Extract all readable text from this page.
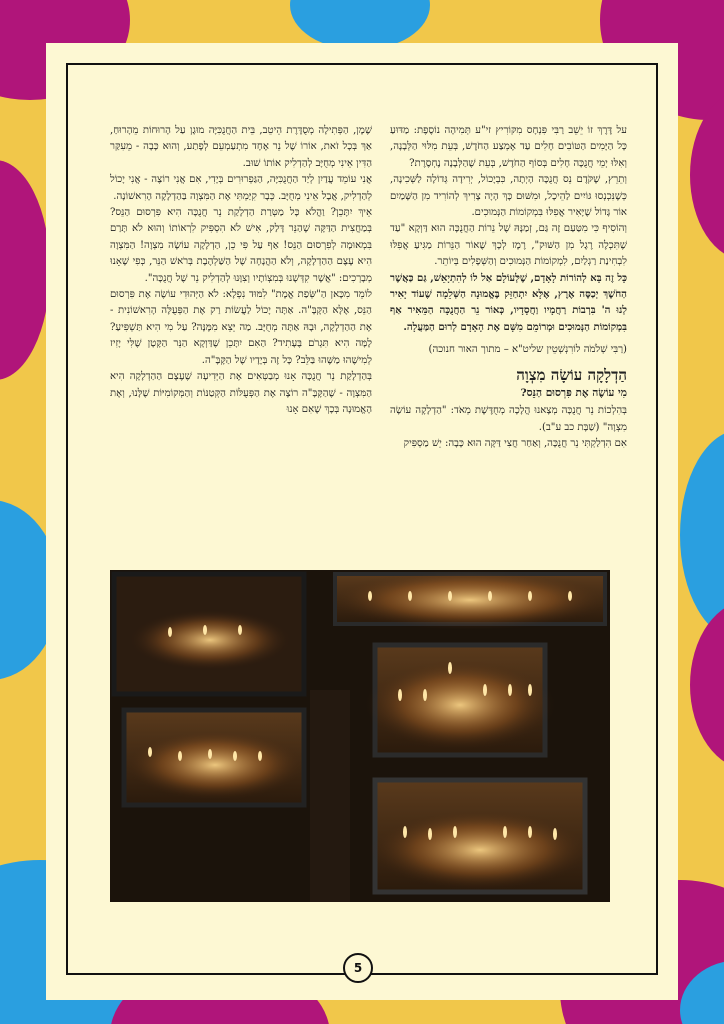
על דֶּרֶךְ זוֹ יֵשֵׁב רַבִּי פִּנְחָס מִקּוֹרִיץ זי"ע תְּמִיהָה נוֹסֶפֶת: מַדּוּעַ כָּל הַיָּמִים הַטּוֹבִים חָלִים עַד אֶמְצַע הַחֹדֶשׁ, בְּעֵת מִלּוּי הַלְּבָנָה, וְאִלּוּ יְמֵי חֲנֻכָּה חָלִים בְּסוֹף הַחֹדֶשׁ, בְּעֵת שֶׁהַלְּבָנָה נֶחְסֶרֶת?

וְתֵרֵץ, שֶׁקֹּדֶם נֵס חֲנֻכָּה הָיְתָה, כִּבְיָכוֹל, יְרִידָה גְּדוֹלָה לַשְּׁכִינָה, כְּשֶׁנִּכְנְסוּ גּוֹיִים לַהֵיכָל, וּמִשּׁוּם כָּךְ הָיָה צָרִיךְ לְהוֹרִיד מִן הַשָּׁמַיִם אוֹר גָּדוֹל שֶׁיָּאִיר אֲפִלּוּ בִּמְקוֹמוֹת הַנְּמוּכִים.

וְהוֹסִיף כִּי מִטַּעַם זֶה גַּם, זְמַנָּהּ שֶׁל נֵרוֹת הַחֲנֻכָּה הוּא דַּוְקָא "עַד שֶׁתִּכְלֶה רֶגֶל מִן הַשּׁוּק", רֶמֶז לְכָךְ שֶׁאוֹר הַנֵּרוֹת מַגִּיעַ אֲפִלּוּ לִבְחִינַת רַגְלַיִם, לִמְקוֹמוֹת הַנְּמוּכִים וְהַשְּׁפָלִים בְּיוֹתֵר.

כָּל זֶה בָּא לְהוֹרוֹת לָאָדָם, שֶׁלְּעוֹלָם אַל לוֹ לְהִתְיָאֵשׁ, גַּם כַּאֲשֶׁר הַחֹשֶׁךְ יְכַסֶּה אֶרֶץ, אֶלָּא יִתְחַזֵּק בֶּאֱמוּנָה הַשְּׁלֵמָה שֶׁעוֹד יָאִיר לְנוּ ה' בִּרְבוֹת רַחֲמָיו וַחֲסָדָיו, כְּאוֹר נֵר הַחֲנֻכָּה הַמֵּאִיר אַף בִּמְקוֹמוֹת הַנְּמוּכִים וּמְרוֹמֵם מִשָּׁם אֶת הָאָדָם לְרוּם הַמַּעֲלָה.

(רַבִּי שְׁלֹמֹה לוֹרִנְשְׁטֵין שליט"א – מתוך האור חנוכה)

הַדְלָקָה עוֹשָׂה מִצְוָה

מִי עוֹשֶׂה אֶת פִּרְסוּם הַנֵּס?

בְּהִלְכוֹת נֵר חֲנֻכָּה מְצָאנוּ הֲלָכָה מְחֻדֶּשֶׁת מְאֹד: "הַדְלָקָה עוֹשָׂה מִצְוָה" (שַׁבָּת כב ע"ב).

אִם הִדְלַקְתִּי נֵר חֲנֻכָּה, וְאַחַר חֲצִי דַּקָּה הוּא כָּבָה: יֵשׁ מַסְפִּיק

שֶׁמֶן, הַפְּתִילָה מְסֻדֶּרֶת הֵיטֵב, בֵּית הַחֲנֻכִּיָּה מוּגָן עַל הָרוּחוֹת מֵהָרוּחַ, אַךְ בְּכָל זֹאת, אוֹרוֹ שֶׁל נֵר אֶחָד מִתְעַמְעֵם לְפֶתַע, וְהוּא כָּבָה - מֵעִקַּר הַדִּין אֵינִי מְחֻיָּב לְהַדְלִיק אוֹתוֹ שׁוּב.

אֲנִי עוֹמֵד עֲדַיִן לְיַד הַחֲנֻכִּיָּה, הַגַּפְרוּרִים בְּיָדִי, אִם אֲנִי רוֹצֶה - אֲנִי יָכוֹל לְהַדְלִיק, אֲבָל אֵינִי מְחֻיָּב. כְּבָר קִיַּמְתִּי אֶת הַמִּצְוָה בַּהַדְלָקָה הָרִאשׁוֹנָה.

אֵיךְ יִתָּכֵן? וַהֲלֹא כָּל מַטְּרַת הַדְלָקַת נֵר חֲנֻכָּה הִיא פִּרְסוּם הַנֵּס? בְּמַחֲצִית הַדַּקָּה שֶׁהַנֵּר דָּלַק, אִישׁ לֹא הִסְפִּיק לִרְאוֹתוֹ וְהוּא לֹא תָּרַם בִּמְאוּמָה לְפִרְסוּם הַנֵּס! אַף עַל פִּי כֵן, הַדְלָקָה עוֹשָׂה מִצְוָה! הַמִּצְוָה הִיא עֶצֶם הַהַדְלָקָה, וְלֹא הַהֲנָחָה שֶׁל הַשַּׁלְהֶבֶת בְּרֹאשׁ הַנֵּר, כְּפִי שֶׁאָנוּ מְבָרְכִים: "אֲשֶׁר קִדְּשָׁנוּ בְּמִצְוֹתָיו וְצִוָּנוּ לְהַדְלִיק נֵר שֶׁל חֲנֻכָּה".

לוֹמֵד מִכָּאן הַ"שְּׂפַת אֱמֶת" לִמּוּד נִפְלָא: לֹא הַיְּהוּדִי עוֹשֶׂה אֶת פִּרְסוּם הַנֵּס, אֶלָּא הַקָּבָּ"ה. אַתָּה יָכוֹל לַעֲשׂוֹת רַק אֶת הַפְּעֻלָּה הָרִאשׁוֹנִית - אֶת הַהַדְלָקָה, וּבָהּ אַתָּה מְחֻיָּב. מַה יֵּצֵא מִמֶּנָּה? עַל מִי הִיא תַּשְׁפִּיעַ? לָמָּה הִיא תִּגְרֹם בֶּעָתִיד? הַאִם יִתָּכֵן שֶׁדַּוְקָא הַנֵּר הַקָּטָן שֶׁלִּי יָזִיז לְמִישֶׁהוּ מַשֶּׁהוּ בַּלֵּב? כָּל זֶה בְּיָדָיו שֶׁל הַקָּבָּ"ה.

בְּהַדְלָקַת נֵר חֲנֻכָּה אָנוּ מְבַטְּאִים אֶת הַיְּדִיעָה שֶׁעֶצֶם הַהַדְלָקָה הִיא הַמִּצְוָה - שֶׁהַקָּבָּ"ה רוֹצֶה אֶת הַפְּעֻלּוֹת הַקְּטַנּוֹת וְהַמְּקוֹמִיּוֹת שֶׁלָּנוּ, וְאֶת הָאֱמוּנָה בְּכָךְ שֶׁאִם אָנוּ

5
